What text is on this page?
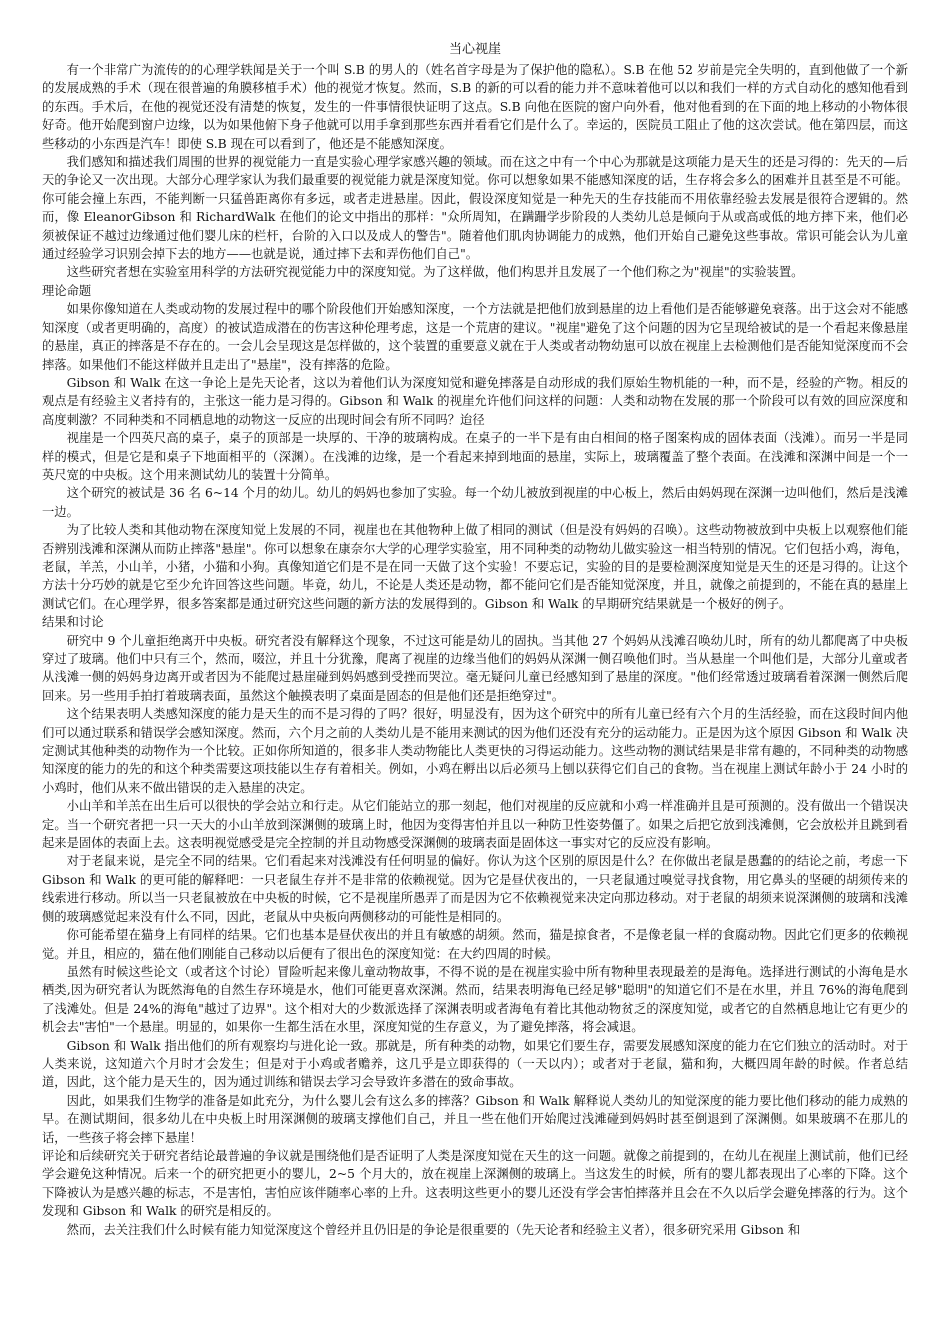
当心视崖

有一个非常广为流传的的心理学轶闻是关于一个叫 S.B 的男人的（姓名首字母是为了保护他的隐私）。S.B 在他 52 岁前是完全失明的，直到他做了一个新的发展成熟的手术（现在很普遍的角膜移植手术）他的视觉才恢复。然而，S.B 的新的可以看的能力并不意味着他可以以和我们一样的方式自动化的感知他看到的东西。手术后，在他的视觉还没有清楚的恢复，发生的一件事情很快证明了这点。S.B 向他在医院的窗户向外看，他对他看到的在下面的地上移动的小物体很好奇。他开始爬到窗户边缘，以为如果他俯下身子他就可以用手拿到那些东西并看看它们是什么了。幸运的，医院员工阻止了他的这次尝试。他在第四层，而这些移动的小东西是汽车！即使 S.B 现在可以看到了，他还是不能感知深度。

我们感知和描述我们周围的世界的视觉能力一直是实验心理学家感兴趣的领域。而在这之中有一个中心为那就是这项能力是天生的还是习得的：先天的—后天的争论又一次出现。大部分心理学家认为我们最重要的视觉能力就是深度知觉。你可以想象如果不能感知深度的话，生存将会多么的困难并且甚至是不可能。你可能会撞上东西，不能判断一只猛兽距离你有多远，或者走进悬崖。因此，假设深度知觉是一种先天的生存技能而不用依靠经验去发展是很符合逻辑的。然而，像 EleanorGibson 和 RichardWalk 在他们的论文中指出的那样："众所周知，在蹒跚学步阶段的人类幼儿总是倾向于从或高或低的地方摔下来，他们必须被保证不越过边缘通过他们婴儿床的栏杆，台阶的入口以及成人的警告"。随着他们肌肉协调能力的成熟，他们开始自己避免这些事故。常识可能会认为儿童通过经验学习识别会掉下去的地方——也就是说，通过摔下去和弄伤他们自己"。

这些研究者想在实验室用科学的方法研究视觉能力中的深度知觉。为了这样做，他们构思并且发展了一个他们称之为"视崖"的实验装置。

理论命题

如果你像知道在人类或动物的发展过程中的哪个阶段他们开始感知深度，一个方法就是把他们放到悬崖的边上看他们是否能够避免衰落。出于这会对不能感知深度（或者更明确的，高度）的被试造成潜在的伤害这种伦理考虑，这是一个荒唐的建议。"视崖"避免了这个问题的因为它呈现给被试的是一个看起来像悬崖的悬崖，真正的摔落是不存在的。一会儿会呈现这是怎样做的，这个装置的重要意义就在于人类或者动物幼崽可以放在视崖上去检测他们是否能知觉深度而不会摔落。如果他们不能这样做并且走出了"悬崖"，没有摔落的危险。

Gibson 和 Walk 在这一争论上是先天论者，这以为着他们认为深度知觉和避免摔落是自动形成的我们原始生物机能的一种，而不是，经验的产物。相反的观点是有经验主义者持有的，主张这一能力是习得的。Gibson 和 Walk 的视崖允许他们问这样的问题：人类和动物在发展的那一个阶段可以有效的回应深度和高度刺激？不同种类和不同栖息地的动物这一反应的出现时间会有所不同吗？迨径

视崖是一个四英尺高的桌子，桌子的顶部是一块厚的、干净的玻璃构成。在桌子的一半下是有由白相间的格子图案构成的固体表面（浅滩）。而另一半是同样的模式，但是它是和桌子下地面相平的（深渊）。在浅滩的边缘，是一个看起来掉到地面的悬崖，实际上，玻璃覆盖了整个表面。在浅滩和深渊中间是一个一英尺宽的中央板。这个用来测试幼儿的装置十分简单。

这个研究的被试是 36 名 6~14 个月的幼儿。幼儿的妈妈也参加了实验。每一个幼儿被放到视崖的中心板上，然后由妈妈现在深渊一边叫他们，然后是浅滩一边。

为了比较人类和其他动物在深度知觉上发展的不同，视崖也在其他物种上做了相同的测试（但是没有妈妈的召唤）。这些动物被放到中央板上以观察他们能否辨别浅滩和深渊从而防止摔落"悬崖"。你可以想象在康奈尔大学的心理学实验室，用不同种类的动物幼儿做实验这一相当特别的情况。它们包括小鸡，海龟，老鼠，羊羔，小山羊，小猪，小猫和小狗。真像知道它们是不是在同一天做了这个实验！不要忘记，实验的目的是要检测深度知觉是天生的还是习得的。让这个方法十分巧妙的就是它至少允许回答这些问题。毕竟，幼儿，不论是人类还是动物，都不能问它们是否能知觉深度，并且，就像之前提到的，不能在真的悬崖上测试它们。在心理学界，很多答案都是通过研究这些问题的新方法的发展得到的。Gibson 和 Walk 的早期研究结果就是一个极好的例子。

结果和讨论

研究中 9 个儿童拒绝离开中央板。研究者没有解释这个现象，不过这可能是幼儿的固执。当其他 27 个妈妈从浅滩召唤幼儿时，所有的幼儿都爬离了中央板穿过了玻璃。他们中只有三个，然而，啜泣，并且十分犹豫，爬离了视崖的边缘当他们的妈妈从深渊一侧召唤他们时。当从悬崖一个叫他们是，大部分儿童或者从浅滩一侧的妈妈身边离开或者因为不能爬过悬崖碰到妈妈感到受挫而哭泣。毫无疑问儿童已经感知到了悬崖的深度。"他们经常透过玻璃看着深渊一侧然后爬回来。另一些用手拍打着玻璃表面，虽然这个触摸表明了桌面是固态的但是他们还是拒绝穿过"。

这个结果表明人类感知深度的能力是天生的而不是习得的了吗？很好，明显没有，因为这个研究中的所有儿童已经有六个月的生活经验，而在这段时间内他们可以通过联系和错误学会感知深度。然而，六个月之前的人类幼儿是不能用来测试的因为他们还没有充分的运动能力。正是因为这个原因 Gibson 和 Walk 决定测试其他种类的动物作为一个比较。正如你所知道的，很多非人类动物能比人类更快的习得运动能力。这些动物的测试结果是非常有趣的，不同种类的动物感知深度的能力的先的和这个种类需要这项技能以生存有着相关。例如，小鸡在孵出以后必须马上刨以获得它们自己的食物。当在视崖上测试年龄小于 24 小时的小鸡时，他们从来不做出错误的走入悬崖的决定。

小山羊和羊羔在出生后可以很快的学会站立和行走。从它们能站立的那一刻起，他们对视崖的反应就和小鸡一样准确并且是可预测的。没有做出一个错误决定。当一个研究者把一只一天大的小山羊放到深渊侧的玻璃上时，他因为变得害怕并且以一种防卫性姿势僵了。如果之后把它放到浅滩侧，它会放松并且跳到看起来是固体的表面上去。这表明视觉感受是完全控制的并且动物感受深渊侧的玻璃表面是固体这一事实对它的反应没有影响。

对于老鼠来说，是完全不同的结果。它们看起来对浅滩没有任何明显的偏好。你认为这个区别的原因是什么？在你做出老鼠是愚蠢的的结论之前，考虑一下 Gibson 和 Walk 的更可能的解释吧：一只老鼠生存并不是非常的依赖视觉。因为它是昼伏夜出的，一只老鼠通过嗅觉寻找食物，用它鼻头的坚硬的胡须传来的线索进行移动。所以当一只老鼠被放在中央板的时候，它不是视崖所愚弄了而是因为它不依赖视觉来决定向那边移动。对于老鼠的胡须来说深渊侧的玻璃和浅滩侧的玻璃感觉起来没有什么不同，因此，老鼠从中央板向两侧移动的可能性是相同的。

你可能希望在猫身上有同样的结果。它们也基本是昼伏夜出的并且有敏感的胡须。然而，猫是掠食者，不是像老鼠一样的食腐动物。因此它们更多的依赖视觉。并且，相应的，猫在他们刚能自己移动以后便有了很出色的深度知觉：在大约四周的时候。

虽然有时候这些论文（或者这个讨论）冒险听起来像儿童动物故事，不得不说的是在视崖实验中所有物种里表现最差的是海龟。选择进行测试的小海龟是水栖类,因为研究者认为既然海龟的自然生存环境是水，他们可能更喜欢深渊。然而，结果表明海龟已经足够"聪明"的知道它们不是在水里，并且 76%的海龟爬到了浅滩处。但是 24%的海龟"越过了边界"。这个相对大的少数派选择了深渊表明或者海龟有着比其他动物贫乏的深度知觉，或者它的自然栖息地让它有更少的机会去"害怕"一个悬崖。明显的，如果你一生都生活在水里，深度知觉的生存意义，为了避免摔落，将会减退。

Gibson 和 Walk 指出他们的所有观察均与进化论一致。那就是，所有种类的动物，如果它们要生存，需要发展感知深度的能力在它们独立的活动时。对于人类来说，这知道六个月时才会发生；但是对于小鸡或者赡养，这几乎是立即获得的（一天以内）；或者对于老鼠，猫和狗，大概四周年龄的时候。作者总结道，因此，这个能力是天生的，因为通过训练和错误去学习会导致许多潜在的致命事故。

因此，如果我们生物学的准备是如此充分，为什么婴儿会有这么多的摔落？Gibson 和 Walk 解释说人类幼儿的知觉深度的能力要比他们移动的能力成熟的早。在测试期间，很多幼儿在中央板上时用深渊侧的玻璃支撑他们自己，并且一些在他们开始爬过浅滩碰到妈妈时甚至倒退到了深渊侧。如果玻璃不在那儿的话，一些孩子将会摔下悬崖！

评论和后续研究关于研究者结论最普遍的争议就是围绕他们是否证明了人类是深度知觉在天生的这一问题。就像之前提到的，在幼儿在视崖上测试前，他们已经学会避免这种情况。后来一个的研究把更小的婴儿，2~5 个月大的，放在视崖上深渊侧的玻璃上。当这发生的时候，所有的婴儿都表现出了心率的下降。这个下降被认为是感兴趣的标志，不是害怕，害怕应该伴随率心率的上升。这表明这些更小的婴儿还没有学会害怕摔落并且会在不久以后学会避免摔落的行为。这个发现和 Gibson 和 Walk 的研究是相反的。

然而，去关注我们什么时候有能力知觉深度这个曾经并且仍旧是的争论是很重要的（先天论者和经验主义者），很多研究采用 Gibson 和
